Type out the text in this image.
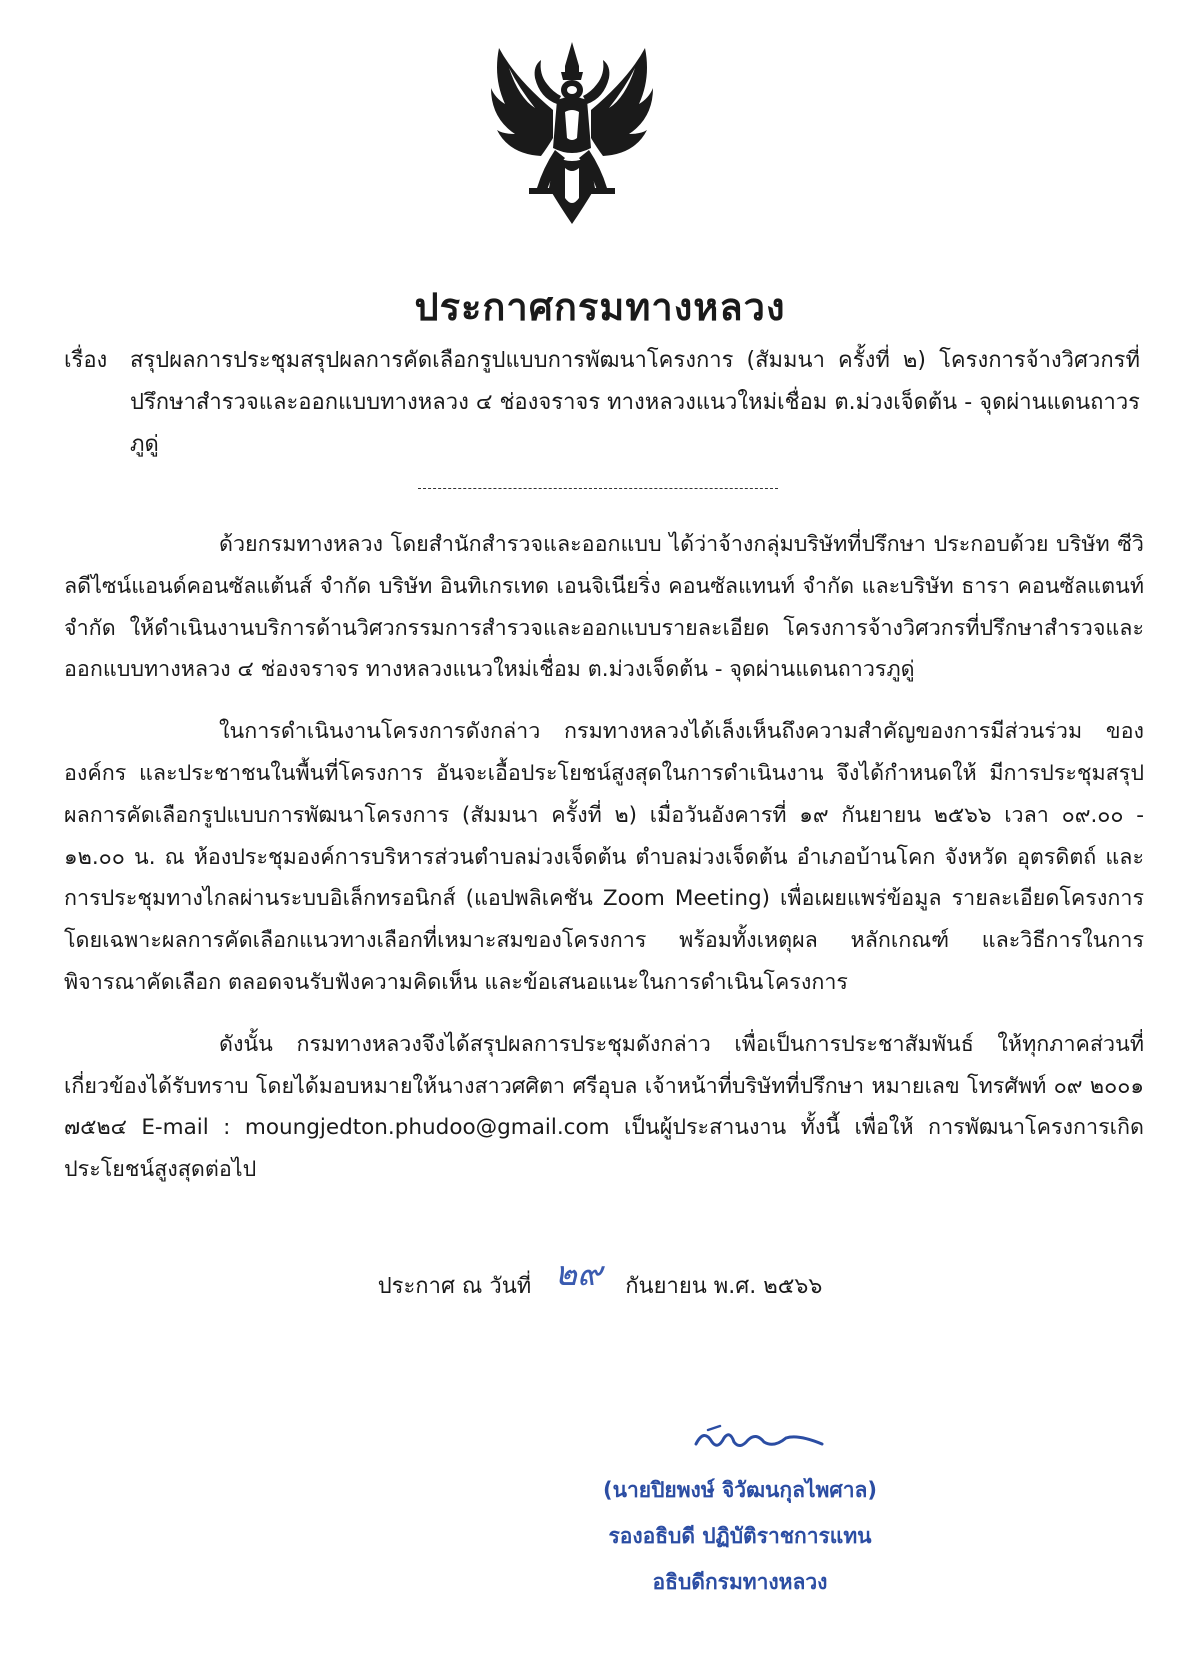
ประกาศกรมทางหลวง
เรื่อง สรุปผลการประชุมสรุปผลการคัดเลือกรูปแบบการพัฒนาโครงการ (สัมมนา ครั้งที่ ๒) โครงการจ้างวิศวกรที่ปรึกษาสำรวจและออกแบบทางหลวง ๔ ช่องจราจร ทางหลวงแนวใหม่เชื่อม ต.ม่วงเจ็ดต้น - จุดผ่านแดนถาวรภูดู่

ด้วยกรมทางหลวง โดยสำนักสำรวจและออกแบบ ได้ว่าจ้างกลุ่มบริษัทที่ปรึกษา ประกอบด้วย บริษัท ซีวิลดีไซน์แอนด์คอนซัลแต้นส์ จำกัด บริษัท อินทิเกรเทด เอนจิเนียริ่ง คอนซัลแทนท์ จำกัด และบริษัท ธารา คอนซัลแตนท์ จำกัด ให้ดำเนินงานบริการด้านวิศวกรรมการสำรวจและออกแบบรายละเอียด โครงการจ้างวิศวกรที่ปรึกษาสำรวจและออกแบบทางหลวง ๔ ช่องจราจร ทางหลวงแนวใหม่เชื่อม ต.ม่วงเจ็ดต้น - จุดผ่านแดนถาวรภูดู่

ในการดำเนินงานโครงการดังกล่าว กรมทางหลวงได้เล็งเห็นถึงความสำคัญของการมีส่วนร่วม ขององค์กร และประชาชนในพื้นที่โครงการ อันจะเอื้อประโยชน์สูงสุดในการดำเนินงาน จึงได้กำหนดให้ มีการประชุมสรุปผลการคัดเลือกรูปแบบการพัฒนาโครงการ (สัมมนา ครั้งที่ ๒) เมื่อวันอังคารที่ ๑๙ กันยายน ๒๕๖๖ เวลา ๐๙.๐๐ - ๑๒.๐๐ น. ณ ห้องประชุมองค์การบริหารส่วนตำบลม่วงเจ็ดต้น ตำบลม่วงเจ็ดต้น อำเภอบ้านโคก จังหวัด อุตรดิตถ์ และการประชุมทางไกลผ่านระบบอิเล็กทรอนิกส์ (แอปพลิเคชัน Zoom Meeting) เพื่อเผยแพร่ข้อมูล รายละเอียดโครงการ โดยเฉพาะผลการคัดเลือกแนวทางเลือกที่เหมาะสมของโครงการ พร้อมทั้งเหตุผล หลักเกณฑ์ และวิธีการในการพิจารณาคัดเลือก ตลอดจนรับฟังความคิดเห็น และข้อเสนอแนะในการดำเนินโครงการ

ดังนั้น กรมทางหลวงจึงได้สรุปผลการประชุมดังกล่าว เพื่อเป็นการประชาสัมพันธ์ ให้ทุกภาคส่วนที่เกี่ยวข้องได้รับทราบ โดยได้มอบหมายให้นางสาวศศิตา ศรีอุบล เจ้าหน้าที่บริษัทที่ปรึกษา หมายเลข โทรศัพท์ ๐๙ ๒๐๐๑ ๗๕๒๔ E-mail : moungjedton.phudoo@gmail.com เป็นผู้ประสานงาน ทั้งนี้ เพื่อให้ การพัฒนาโครงการเกิดประโยชน์สูงสุดต่อไป

ประกาศ ณ วันที่ ๒๙ กันยายน พ.ศ. ๒๕๖๖
(นายปิยพงษ์ จิวัฒนกุลไพศาล)
รองอธิบดี ปฏิบัติราชการแทน
อธิบดีกรมทางหลวง
